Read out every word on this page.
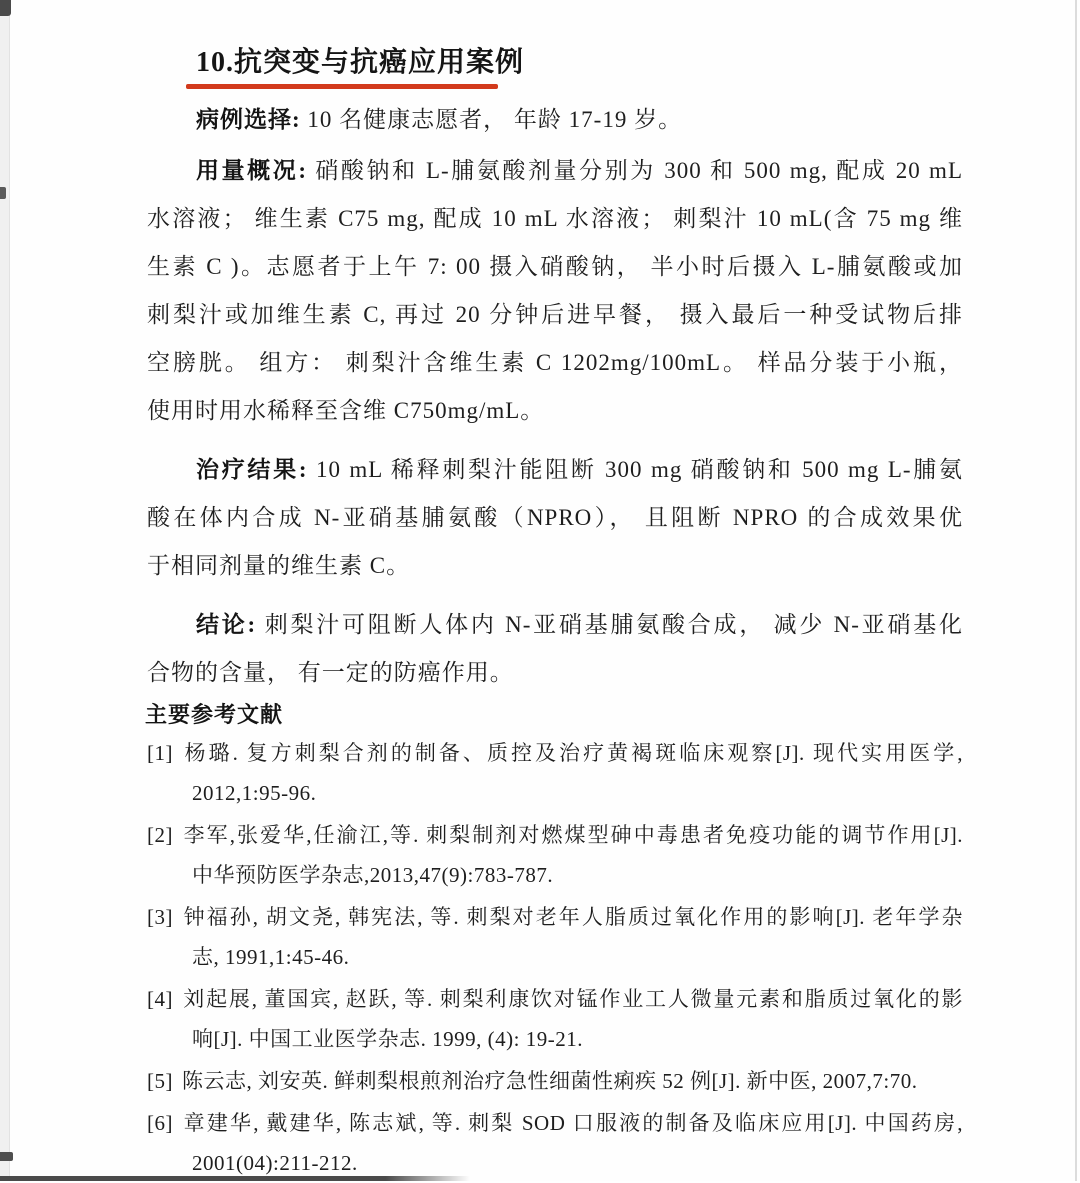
10.抗突变与抗癌应用案例
病例选择: 10 名健康志愿者， 年龄 17-19 岁。
用量概况: 硝酸钠和 L-脯氨酸剂量分别为 300 和 500 mg, 配成 20 mL
水溶液； 维生素 C75 mg, 配成 10 mL 水溶液； 刺梨汁 10 mL(含 75 mg 维
生素 C )。志愿者于上午 7: 00 摄入硝酸钠， 半小时后摄入 L-脯氨酸或加
刺梨汁或加维生素 C, 再过 20 分钟后进早餐， 摄入最后一种受试物后排
空膀胱。 组方： 刺梨汁含维生素 C 1202mg/100mL。 样品分装于小瓶，
使用时用水稀释至含维 C750mg/mL。
治疗结果: 10 mL 稀释刺梨汁能阻断 300 mg 硝酸钠和 500 mg L-脯氨
酸在体内合成 N-亚硝基脯氨酸（NPRO）， 且阻断 NPRO 的合成效果优
于相同剂量的维生素 C。
结论: 刺梨汁可阻断人体内 N-亚硝基脯氨酸合成， 减少 N-亚硝基化
合物的含量， 有一定的防癌作用。
主要参考文献
[1] 杨璐. 复方刺梨合剂的制备、质控及治疗黄褐斑临床观察[J]. 现代实用医学,
2012,1:95-96.
[2] 李军,张爱华,任渝江,等. 刺梨制剂对燃煤型砷中毒患者免疫功能的调节作用[J].
中华预防医学杂志,2013,47(9):783-787.
[3] 钟福孙, 胡文尧, 韩宪法, 等. 刺梨对老年人脂质过氧化作用的影响[J]. 老年学杂
志, 1991,1:45-46.
[4] 刘起展, 董国宾, 赵跃, 等. 刺梨利康饮对锰作业工人微量元素和脂质过氧化的影
响[J]. 中国工业医学杂志. 1999, (4): 19-21.
[5] 陈云志, 刘安英. 鲜刺梨根煎剂治疗急性细菌性痢疾 52 例[J]. 新中医, 2007,7:70.
[6] 章建华, 戴建华, 陈志斌, 等. 刺梨 SOD 口服液的制备及临床应用[J]. 中国药房,
2001(04):211-212.
